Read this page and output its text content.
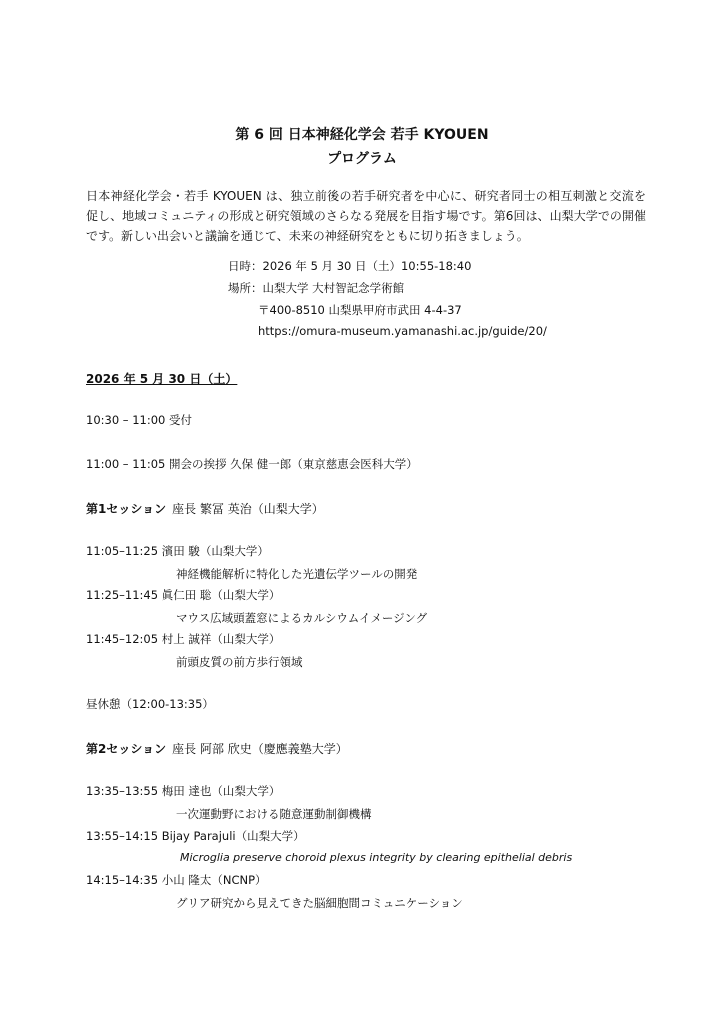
第 6 回 日本神経化学会 若手 KYOUEN
プログラム
日本神経化学会・若手 KYOUEN は、独立前後の若手研究者を中心に、研究者同士の相互刺激と交流を促し、地域コミュニティの形成と研究領域のさらなる発展を目指す場です。第6回は、山梨大学での開催です。新しい出会いと議論を通じて、未来の神経研究をともに切り拓きましょう。
日時：2026 年 5 月 30 日（土）10:55-18:40
場所：山梨大学 大村智記念学術館
〒400-8510 山梨県甲府市武田 4-4-37
https://omura-museum.yamanashi.ac.jp/guide/20/
2026 年 5 月 30 日（土）
10:30 – 11:00 受付
11:00 – 11:05 開会の挨拶 久保 健一郎（東京慈恵会医科大学）
第1セッション 座長 繁冨 英治（山梨大学）
11:05–11:25 濱田 駿（山梨大学）
神経機能解析に特化した光遺伝学ツールの開発
11:25–11:45 眞仁田 聡（山梨大学）
マウス広域頭蓋窓によるカルシウムイメージング
11:45–12:05 村上 誠祥（山梨大学）
前頭皮質の前方歩行領域
昼休憩（12:00-13:35）
第2セッション 座長 阿部 欣史（慶應義塾大学）
13:35–13:55 梅田 達也（山梨大学）
一次運動野における随意運動制御機構
13:55–14:15 Bijay Parajuli（山梨大学）
Microglia preserve choroid plexus integrity by clearing epithelial debris
14:15–14:35 小山 隆太（NCNP）
グリア研究から見えてきた脳細胞間コミュニケーション
